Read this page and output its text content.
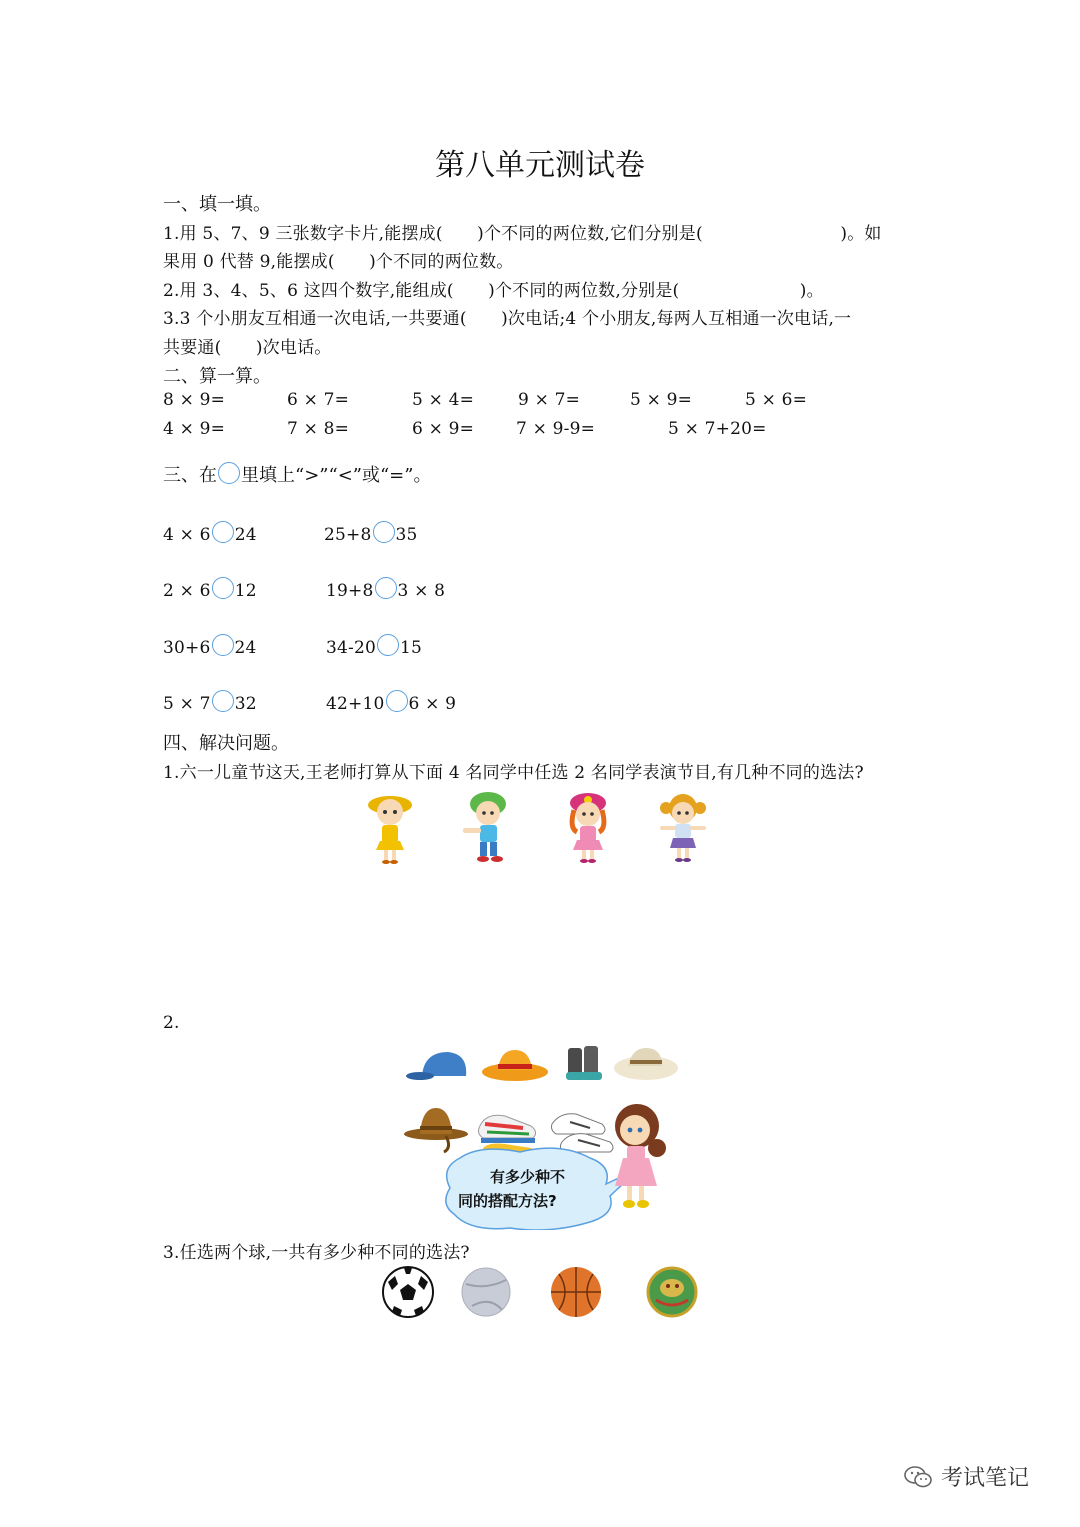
第八单元测试卷
一、填一填。
1.用 5、7、9 三张数字卡片,能摆成(　　)个不同的两位数,它们分别是(　　　　　　　　)。如
果用 0 代替 9,能摆成(　　)个不同的两位数。
2.用 3、4、5、6 这四个数字,能组成(　　)个不同的两位数,分别是(　　　　　　　)。
3.3 个小朋友互相通一次电话,一共要通(　　)次电话;4 个小朋友,每两人互相通一次电话,一
共要通(　　)次电话。
二、算一算。
8 × 9=	6 × 7=	5 × 4=	9 × 7=	5 × 9=	5 × 6=
4 × 9=	7 × 8=	6 × 9= 7 × 9-9=	5 × 7+20=
三、在 里填上“>”“<”或“=”。
4 × 6 24	25+8 35
2 × 6 12	19+8 3 × 8
30+6 24	34-20 15
5 × 7 32	42+10 6 × 9
四、解决问题。
1.六一儿童节这天,王老师打算从下面 4 名同学中任选 2 名同学表演节目,有几种不同的选法?
2.
有多少种不
同的搭配方法?
3.任选两个球,一共有多少种不同的选法?
考试笔记
